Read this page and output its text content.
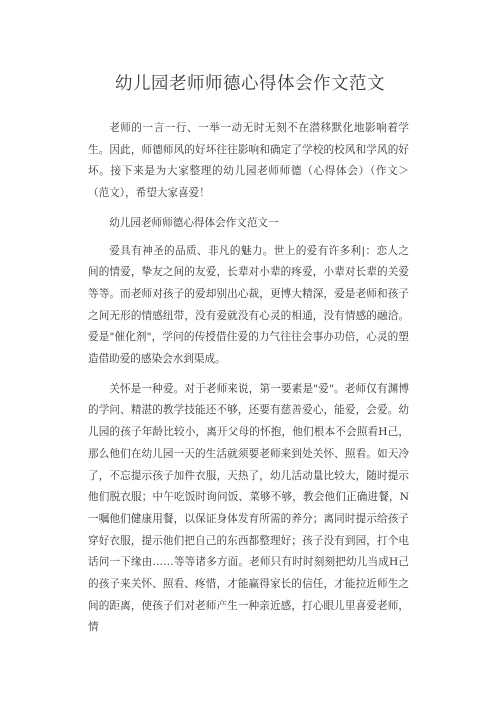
幼儿园老师师德心得体会作文范文

老师的一言一行、一举一动无时无刻不在潜移默化地影响着学生。因此，师德师风的好坏往往影响和确定了学校的校风和学风的好坏。接下来是为大家整理的幼儿园老师师德（心得体会）（作文＞（范文），希望大家喜爱！

幼儿园老师师德心得体会作文范文一

爱具有神圣的品质、非凡的魅力。世上的爱有许多利|：恋人之间的情爱，挚友之间的友爱，长辈对小辈的疼爱，小辈对长辈的关爱等等。而老师对孩子的爱却别出心裁，更博大精深，爱是老师和孩子之间无形的情感纽带，没有爱就没有心灵的相通，没有情感的融洽。爱是"催化剂"，学问的传授借住爱的力气往往会事办功倍，心灵的塑造借助爱的感染会水到渠成。

关怀是一种爱。对于老师来说，第一要素是"爱"。老师仅有渊博的学问、精湛的教学技能还不够，还要有慈善爱心，能爱，会爱。幼儿园的孩子年龄比较小，离开父母的怀抱，他们根本不会照看H己，那么他们在幼儿园一天的生活就须要老师来到处关怀、照看。如天冷了，不忘提示孩子加件衣服，天热了，幼儿活动量比较大，随时提示他们脱衣服；中午吃饭时询问饭、菜够不够，教会他们正确进餐，N一嘱他们健康用餐，以保证身体发育所需的养分；离同时提示给孩子穿好衣服，提示他们把自己的东西都整理好；孩子没有到园，打个电话问一下缘由……等等诸多方面。老师只有时时刻刻把幼儿当成H己的孩子来关怀、照看、疼惜，才能赢得家长的信任，才能拉近师生之间的距离，使孩子们对老师产生一种亲近感，打心眼儿里喜爱老师，情
